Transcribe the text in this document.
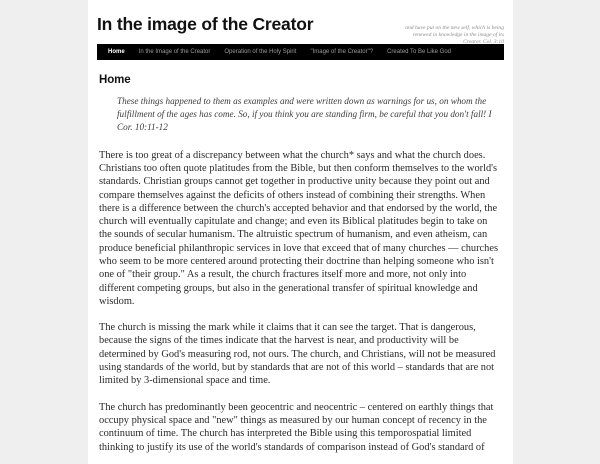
In the image of the Creator	and have put on the new self, which is being renewed in knowledge in the image of its Creator. Col. 3:10
Home	In the Image of the Creator	Operation of the Holy Spirit	"Image of the Creator"?	Created To Be Like God
Home
These things happened to them as examples and were written down as warnings for us, on whom the fulfillment of the ages has come. So, if you think you are standing firm, be careful that you don't fall! I Cor. 10:11-12

There is too great of a discrepancy between what the church* says and what the church does. Christians too often quote platitudes from the Bible, but then conform themselves to the world's standards. Christian groups cannot get together in productive unity because they point out and compare themselves against the deficits of others instead of combining their strengths. When there is a difference between the church's accepted behavior and that endorsed by the world, the church will eventually capitulate and change; and even its Biblical platitudes begin to take on the sounds of secular humanism. The altruistic spectrum of humanism, and even atheism, can produce beneficial philanthropic services in love that exceed that of many churches — churches who seem to be more centered around protecting their doctrine than helping someone who isn't one of "their group." As a result, the church fractures itself more and more, not only into different competing groups, but also in the generational transfer of spiritual knowledge and wisdom.

The church is missing the mark while it claims that it can see the target. That is dangerous, because the signs of the times indicate that the harvest is near, and productivity will be determined by God's measuring rod, not ours. The church, and Christians, will not be measured using standards of the world, but by standards that are not of this world – standards that are not limited by 3-dimensional space and time.

The church has predominantly been geocentric and neocentric – centered on earthly things that occupy physical space and "new" things as measured by our human concept of recency in the continuum of time. The church has interpreted the Bible using this temporospatial limited thinking to justify its use of the world's standards of comparison instead of God's standard of
